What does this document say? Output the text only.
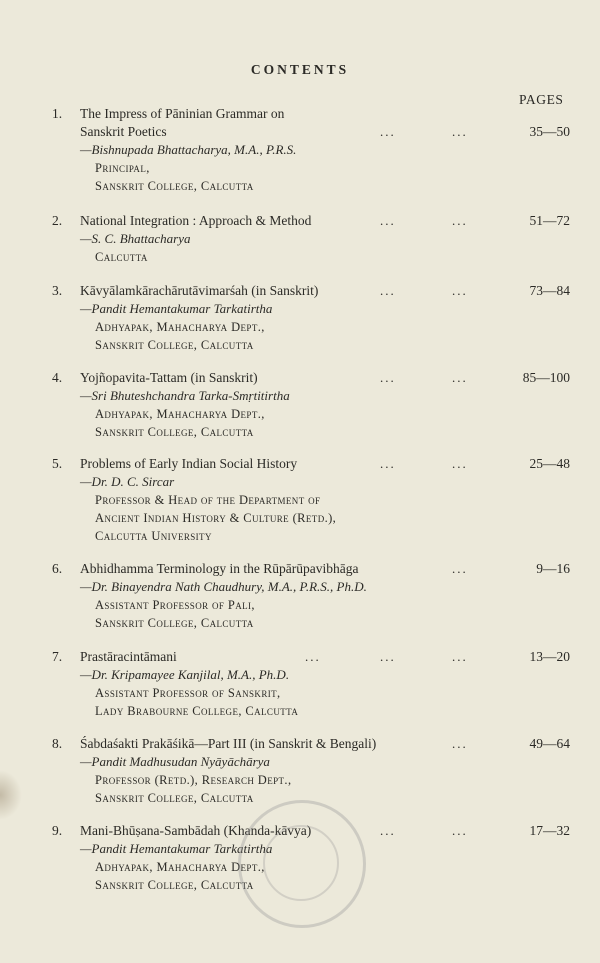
CONTENTS
PAGES
1. The Impress of Pāninian Grammar on
Sanskrit Poetics	...	...	35—50
—Bishnupada Bhattacharya, M.A., P.R.S.
Principal,
Sanskrit College, Calcutta
2. National Integration : Approach & Method	...	...	51—72
—S. C. Bhattacharya
Calcutta
3. Kāvyālamkārachārutāvimarśah (in Sanskrit)	...	...	73—84
—Pandit Hemantakumar Tarkatirtha
Adhyapak, Mahacharya Dept.,
Sanskrit College, Calcutta
4. Yojñopavita-Tattam (in Sanskrit)	...	...	85—100
—Sri Bhuteshchandra Tarka-Smṛtitirtha
Adhyapak, Mahacharya Dept.,
Sanskrit College, Calcutta
5. Problems of Early Indian Social History	...	...	25—48
—Dr. D. C. Sircar
Professor & Head of the Department of
Ancient Indian History & Culture (Retd.),
Calcutta University
6. Abhidhamma Terminology in the Rūpārūpavibhāga	...	9—16
—Dr. Binayendra Nath Chaudhury, M.A., P.R.S., Ph.D.
Assistant Professor of Pali,
Sanskrit College, Calcutta
7. Prastāracintāmani	...	...	...	13—20
—Dr. Kripamayee Kanjilal, M.A., Ph.D.
Assistant Professor of Sanskrit,
Lady Brabourne College, Calcutta
8. Śabdaśakti Prakāśikā—Part III (in Sanskrit & Bengali)	...	49—64
—Pandit Madhusudan Nyāyāchārya
Professor (Retd.), Research Dept.,
Sanskrit College, Calcutta
9. Mani-Bhūṣana-Sambādah (Khanda-kāvya)	...	...	17—32
—Pandit Hemantakumar Tarkatirtha
Adhyapak, Mahacharya Dept.,
Sanskrit College, Calcutta
